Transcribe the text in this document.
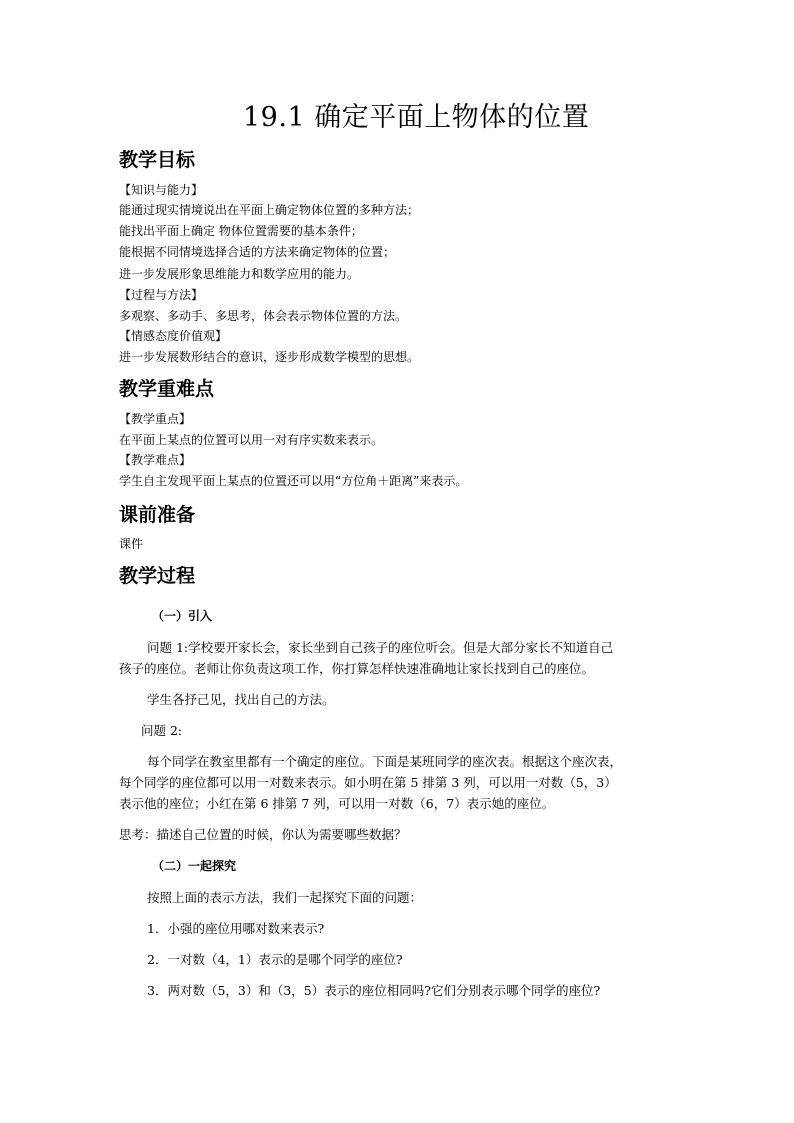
19.1 确定平面上物体的位置
教学目标
【知识与能力】
能通过现实情境说出在平面上确定物体位置的多种方法；
能找出平面上确定 物体位置需要的基本条件；
能根据不同情境选择合适的方法来确定物体的位置；
进一步发展形象思维能力和数学应用的能力。
【过程与方法】
多观察、多动手、多思考，体会表示物体位置的方法。
【情感态度价值观】
进一步发展数形结合的意识，逐步形成数学模型的思想。
教学重难点
【教学重点】
在平面上某点的位置可以用一对有序实数来表示。
【教学难点】
学生自主发现平面上某点的位置还可以用“方位角＋距离”来表示。
课前准备
课件
教学过程
（一）引入
问题 1:学校要开家长会，家长坐到自己孩子的座位听会。但是大部分家长不知道自己
孩子的座位。老师让你负责这项工作，你打算怎样快速准确地让家长找到自己的座位。
学生各抒己见，找出自己的方法。
问题 2:
每个同学在教室里都有一个确定的座位。下面是某班同学的座次表。根据这个座次表，
每个同学的座位都可以用一对数来表示。如小明在第 5 排第 3 列，可以用一对数（5，3）
表示他的座位；小红在第 6 排第 7 列，可以用一对数（6，7）表示她的座位。
思考：描述自己位置的时候，你认为需要哪些数据？
（二）一起探究
按照上面的表示方法，我们一起探究下面的问题：
1．小强的座位用哪对数来表示?
2．一对数（4，1）表示的是哪个同学的座位?
3．两对数（5，3）和（3，5）表示的座位相同吗?它们分别表示哪个同学的座位?
